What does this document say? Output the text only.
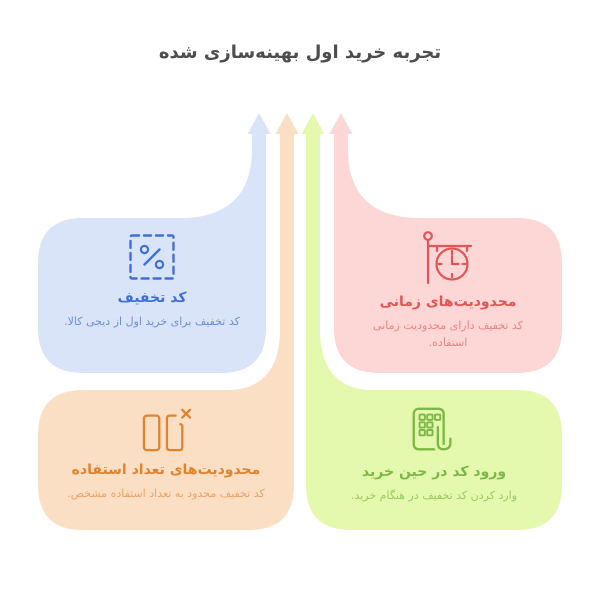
تجربه خرید اول بهینه‌سازی شده
کد تخفیف
کد تخفیف برای خرید اول از دیجی کالا.
محدودیت‌های زمانی
کد تخفیف دارای محدودیت زمانی استفاده.
محدودیت‌های تعداد استفاده
کد تخفیف محدود به تعداد استفاده مشخص.
ورود کد در حین خرید
وارد کردن کد تخفیف در هنگام خرید.
